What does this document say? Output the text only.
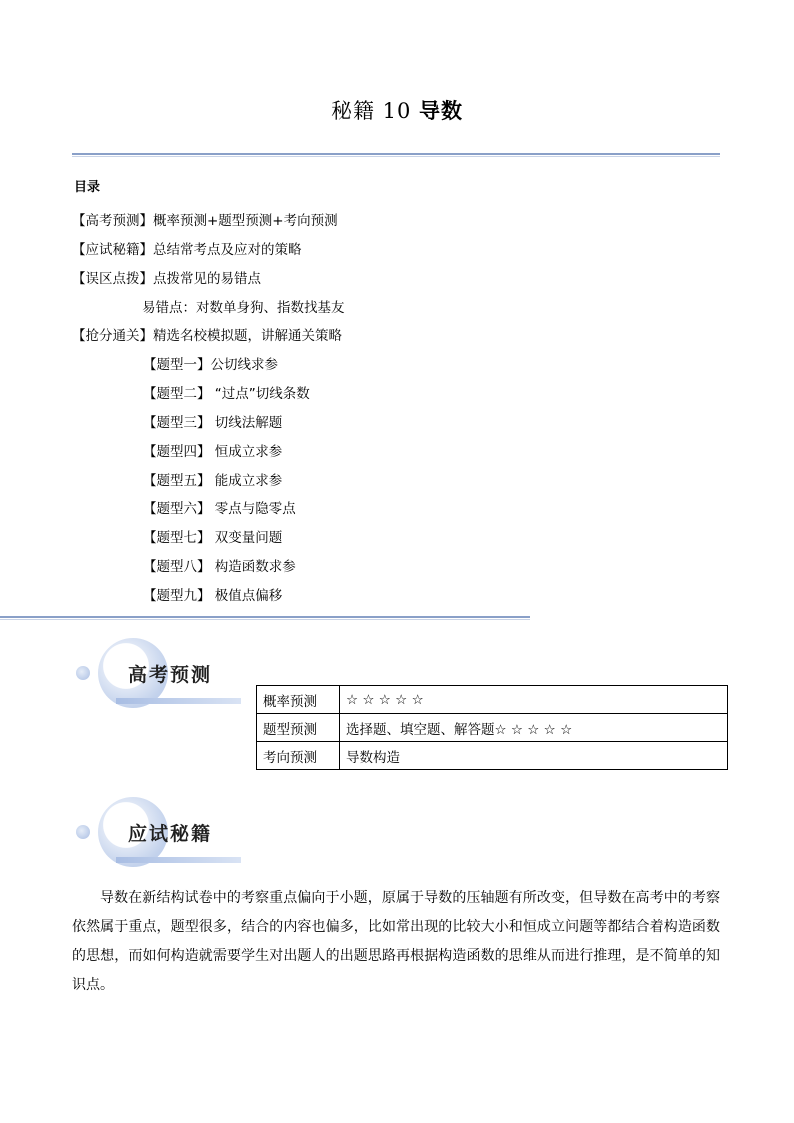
秘籍 10 导数
目录
【高考预测】概率预测+题型预测+考向预测
【应试秘籍】总结常考点及应对的策略
【误区点拨】点拨常见的易错点
易错点：对数单身狗、指数找基友
【抢分通关】精选名校模拟题，讲解通关策略
【题型一】公切线求参
【题型二】 “过点”切线条数
【题型三】 切线法解题
【题型四】 恒成立求参
【题型五】 能成立求参
【题型六】 零点与隐零点
【题型七】 双变量问题
【题型八】 构造函数求参
【题型九】 极值点偏移
高考预测
概率预测	☆ ☆ ☆ ☆ ☆
题型预测	选择题、填空题、解答题☆ ☆ ☆ ☆ ☆
考向预测	导数构造
应试秘籍
导数在新结构试卷中的考察重点偏向于小题，原属于导数的压轴题有所改变，但导数在高考中的考察依然属于重点，题型很多，结合的内容也偏多，比如常出现的比较大小和恒成立问题等都结合着构造函数的思想，而如何构造就需要学生对出题人的出题思路再根据构造函数的思维从而进行推理，是不简单的知识点。
